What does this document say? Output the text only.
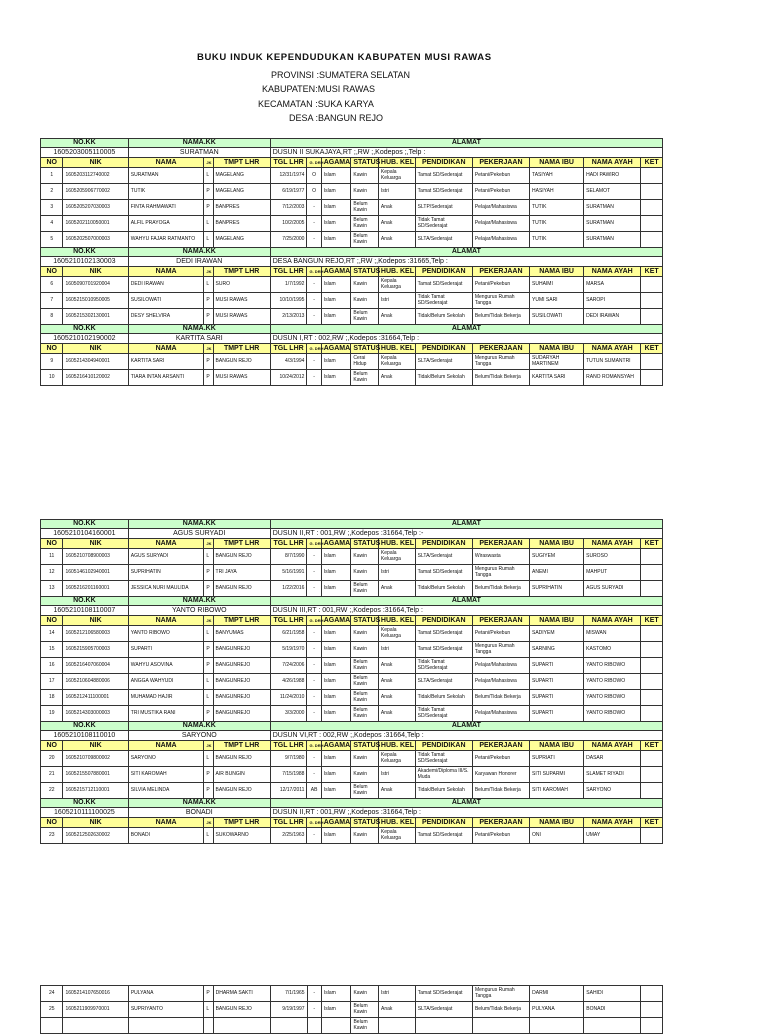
BUKU INDUK KEPENDUDUKAN KABUPATEN MUSI RAWAS
PROVINSI :SUMATERA SELATAN
KABUPATEN:MUSI RAWAS
KECAMATAN :SUKA KARYA
DESA :BANGUN REJO
NO.KK		NAMA.KK			ALAMAT									
1605203005110005		SURATMAN			DUSUN II SUKAJAYA,RT ;,RW ;,Kodepos ;,Telp :									
NO	NIK	NAMA	JK	TMPT LHR	TGL LHR	G. DRH	AGAMA	STATUS	HUB. KEL	PENDIDIKAN	PEKERJAAN	NAMA IBU	NAMA AYAH	KET
1	1605203112740002	SURATMAN	L	MAGELANG	12/31/1974	O	Islam	Kawin	Kepala Keluarga	Tamat SD/Sederajat	Petani/Pekebun	TASIYAH	HADI PAWIRO	
2	1605205906770002	TUTIK	P	MAGELANG	6/19/1977	O	Islam	Kawin	Istri	Tamat SD/Sederajat	Petani/Pekebun	HASIYAH	SELAMOT	
3	1605205207030003	FINTA RAHMAWATI	P	BANPRES	7/12/2003	-	Islam	Belum Kawin	Anak	SLTP/Sederajat	Pelajar/Mahasiswa	TUTIK	SURATMAN	
4	1605202110050001	ALFIL PRAYOGA	L	BANPRES	10/2/2005	-	Islam	Belum Kawin	Anak	Tidak Tamat SD/Sederajat	Pelajar/Mahasiswa	TUTIK	SURATMAN	
5	1605202507000003	WAHYU FAJAR RATMANTO	L	MAGELANG	7/25/2000	-	Islam	Belum Kawin	Anak	SLTA/Sederajat	Pelajar/Mahasiswa	TUTIK	SURATMAN	
NO.KK		NAMA.KK			ALAMAT									
1605210102130003		DEDI IRAWAN			DESA BANGUN REJO,RT ;,RW ;,Kodepos :31665,Telp :									
NO	NIK	NAMA	JK	TMPT LHR	TGL LHR	G. DRH	AGAMA	STATUS	HUB. KEL	PENDIDIKAN	PEKERJAAN	NAMA IBU	NAMA AYAH	KET
6	1605090701920004	DEDI IRAWAN	L	SURO	1/7/1992	-	Islam	Kawin	Kepala Keluarga	Tamat SD/Sederajat	Petani/Pekebun	SUHAIMI	MARSA	
7	1605215010950005	SUSILOWATI	P	MUSI RAWAS	10/10/1995	-	Islam	Kawin	Istri	Tidak Tamat SD/Sederajat	Mengurus Rumah Tangga	YUMI SARI	SAROPI	
8	1605215302130001	DESY SHELVIRA	P	MUSI RAWAS	2/13/2013	-	Islam	Belum Kawin	Anak	Tidak/Belum Sekolah	Belum/Tidak Bekerja	SUSILOWATI	DEDI IRAWAN	
NO.KK		NAMA.KK			ALAMAT									
1605210102190002		KARTITA SARI			DUSUN I,RT : 002,RW ;,Kodepos :31664,Telp :									
NO	NIK	NAMA	JK	TMPT LHR	TGL LHR	G. DRH	AGAMA	STATUS	HUB. KEL	PENDIDIKAN	PEKERJAAN	NAMA IBU	NAMA AYAH	KET
9	1605214304940001	KARTITA SARI	P	BANGUN REJO	4/3/1994	-	Islam	Cerai Hidup	Kepala Keluarga	SLTA/Sederajat	Mengurus Rumah Tangga	SUDARYAH MARTINEM	TUTUN SUMANTRI	
10	1605216410120002	TIARA INTAN ARSANTI	P	MUSI RAWAS	10/24/2012	-	Islam	Belum Kawin	Anak	Tidak/Belum Sekolah	Belum/Tidak Bekerja	KARTITA SARI	RANO ROMANSYAH	
NO.KK		NAMA.KK			ALAMAT									
1605210104160001		AGUS SURYADI			DUSUN II,RT : 001,RW ;,Kodepos :31664,Telp :-									
NO	NIK	NAMA	JK	TMPT LHR	TGL LHR	G. DRH	AGAMA	STATUS	HUB. KEL	PENDIDIKAN	PEKERJAAN	NAMA IBU	NAMA AYAH	KET
11	1605210708900003	AGUS SURYADI	L	BANGUN REJO	8/7/1990	-	Islam	Kawin	Kepala Keluarga	SLTA/Sederajat	Wiraswasta	SUGIYEM	SUROSO	
12	1605146102940001	SUPRIHATIN	P	TRI JAYA	5/16/1991	-	Islam	Kawin	Istri	Tamat SD/Sederajat	Mengurus Rumah Tangga	ANEMI	MAHPUT	
13	1605216201160001	JESSICA NURI MAULIDA	P	BANGUN REJO	1/22/2016	-	Islam	Belum Kawin	Anak	Tidak/Belum Sekolah	Belum/Tidak Bekerja	SUPRIHATIN	AGUS SURYADI	
NO.KK		NAMA.KK			ALAMAT									
1605210108110007		YANTO RIBOWO			DUSUN III,RT : 001,RW ;,Kodepos :31664,Telp :									
NO	NIK	NAMA	JK	TMPT LHR	TGL LHR	G. DRH	AGAMA	STATUS	HUB. KEL	PENDIDIKAN	PEKERJAAN	NAMA IBU	NAMA AYAH	KET
14	1605212106580003	YANTO RIBOWO	L	BANYUMAS	6/21/1958	-	Islam	Kawin	Kepala Keluarga	Tamat SD/Sederajat	Petani/Pekebun	SADIYEM	MISWAN	
15	1605215905700003	SUPARTI	P	BANGUNREJO	5/19/1970	-	Islam	Kawin	Istri	Tamat SD/Sederajat	Mengurus Rumah Tangga	SARNING	KASTOMO	
16	1605216407060004	WAHYU ASOVINA	P	BANGUNREJO	7/24/2006	-	Islam	Belum Kawin	Anak	Tidak Tamat SD/Sederajat	Pelajar/Mahasiswa	SUPARTI	YANTO RIBOWO	
17	1605210604880006	ANGGA WAHYUDI	L	BANGUNREJO	4/26/1988	-	Islam	Belum Kawin	Anak	SLTA/Sederajat	Pelajar/Mahasiswa	SUPARTI	YANTO RIBOWO	
18	1605212411100001	MUHAMAD HAJIR	L	BANGUNREJO	11/24/2010	-	Islam	Belum Kawin	Anak	Tidak/Belum Sekolah	Belum/Tidak Bekerja	SUPARTI	YANTO RIBOWO	
19	1605214303000003	TRI MUSTIKA RANI	P	BANGUNREJO	3/3/2000	-	Islam	Belum Kawin	Anak	Tidak Tamat SD/Sederajat	Pelajar/Mahasiswa	SUPARTI	YANTO RIBOWO	
NO.KK		NAMA.KK			ALAMAT									
1605210108110010		SARYONO			DUSUN VI,RT : 002,RW ;,Kodepos :31664,Telp :									
NO	NIK	NAMA	JK	TMPT LHR	TGL LHR	G. DRH	AGAMA	STATUS	HUB. KEL	PENDIDIKAN	PEKERJAAN	NAMA IBU	NAMA AYAH	KET
20	1605210709800002	SARYONO	L	BANGUN REJO	9/7/1980	-	Islam	Kawin	Kepala Keluarga	Tidak Tamat SD/Sederajat	Petani/Pekebun	SUPRIATI	DASAR	
21	1605215507880001	SITI KAROMAH	P	AIR BUNGIN	7/15/1988	-	Islam	Kawin	Istri	Akademi/Diploma III/S. Muda	Karyawan Honorer	SITI SUPARMI	SLAMET RIYADI	
22	1605215712110001	SILVIA MELINDA	P	BANGUN REJO	12/17/2011	AB	Islam	Belum Kawin	Anak	Tidak/Belum Sekolah	Belum/Tidak Bekerja	SITI KAROMAH	SARYONO	
NO.KK		NAMA.KK			ALAMAT									
1605210111100025		BONADI			DUSUN II,RT : 001,RW ;,Kodepos :31664,Telp :									
NO	NIK	NAMA	JK	TMPT LHR	TGL LHR	G. DRH	AGAMA	STATUS	HUB. KEL	PENDIDIKAN	PEKERJAAN	NAMA IBU	NAMA AYAH	KET
23	1605212502630002	BONADI	L	SUKOWARNO	2/25/1963	-	Islam	Kawin	Kepala Keluarga	Tamat SD/Sederajat	Petani/Pekebun	ONI	UMAY	
24	1605214107650016	PULYANA	P	DHARMA SAKTI	7/1/1965	-	Islam	Kawin	Istri	Tamat SD/Sederajat	Mengurus Rumah Tangga	DARMI	SAHIDI	
25	1605211909970001	SUPRIYANTO	L	BANGUN REJO	9/19/1997	-	Islam	Belum Kawin	Anak	SLTA/Sederajat	Belum/Tidak Bekerja	PULYANA	BONADI	
								Belum Kawin						
